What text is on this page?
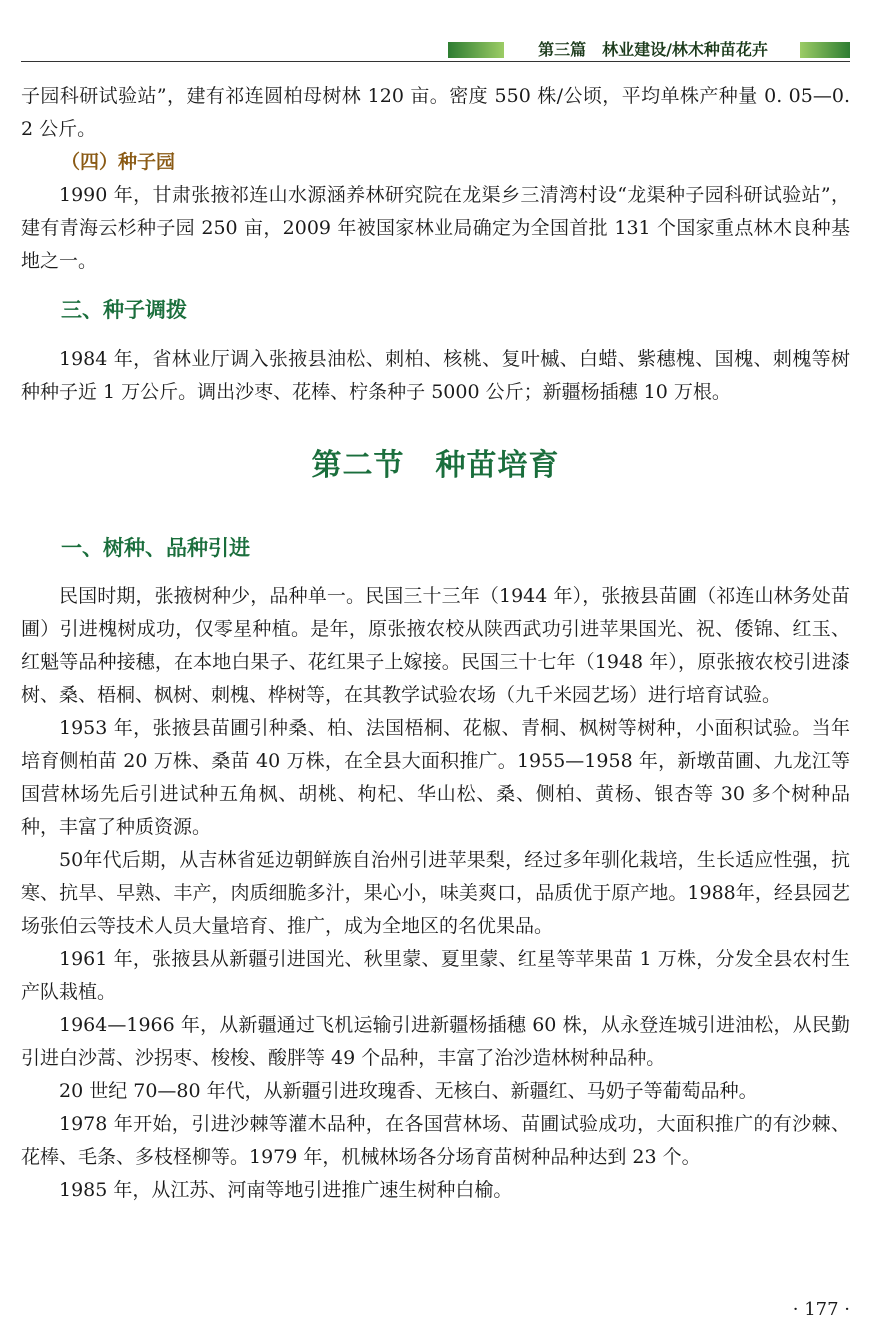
第三篇　林业建设/林木种苗花卉

子园科研试验站”，建有祁连圆柏母树林 120 亩。密度 550 株/公顷，平均单株产种量 0. 05—0. 2 公斤。

（四）种子园

1990 年，甘肃张掖祁连山水源涵养林研究院在龙渠乡三清湾村设“龙渠种子园科研试验站”，建有青海云杉种子园 250 亩，2009 年被国家林业局确定为全国首批 131 个国家重点林木良种基地之一。

三、种子调拨

1984 年，省林业厅调入张掖县油松、刺柏、核桃、复叶槭、白蜡、紫穗槐、国槐、刺槐等树种种子近 1 万公斤。调出沙枣、花棒、柠条种子 5000 公斤；新疆杨插穗 10 万根。

第二节　种苗培育
一、树种、品种引进

民国时期，张掖树种少，品种单一。民国三十三年（1944 年），张掖县苗圃（祁连山林务处苗圃）引进槐树成功，仅零星种植。是年，原张掖农校从陕西武功引进苹果国光、祝、倭锦、红玉、红魁等品种接穗，在本地白果子、花红果子上嫁接。民国三十七年（1948 年），原张掖农校引进漆树、桑、梧桐、枫树、刺槐、桦树等，在其教学试验农场（九千米园艺场）进行培育试验。

1953 年，张掖县苗圃引种桑、柏、法国梧桐、花椒、青桐、枫树等树种，小面积试验。当年培育侧柏苗 20 万株、桑苗 40 万株，在全县大面积推广。1955—1958 年，新墩苗圃、九龙江等国营林场先后引进试种五角枫、胡桃、枸杞、华山松、桑、侧柏、黄杨、银杏等 30 多个树种品种，丰富了种质资源。

50年代后期，从吉林省延边朝鲜族自治州引进苹果梨，经过多年驯化栽培，生长适应性强，抗寒、抗旱、早熟、丰产，肉质细脆多汁，果心小，味美爽口，品质优于原产地。1988年，经县园艺场张伯云等技术人员大量培育、推广，成为全地区的名优果品。

1961 年，张掖县从新疆引进国光、秋里蒙、夏里蒙、红星等苹果苗 1 万株，分发全县农村生产队栽植。

1964—1966 年，从新疆通过飞机运输引进新疆杨插穗 60 株，从永登连城引进油松，从民勤引进白沙蒿、沙拐枣、梭梭、酸胖等 49 个品种，丰富了治沙造林树种品种。

20 世纪 70—80 年代，从新疆引进玫瑰香、无核白、新疆红、马奶子等葡萄品种。

1978 年开始，引进沙棘等灌木品种，在各国营林场、苗圃试验成功，大面积推广的有沙棘、花棒、毛条、多枝柽柳等。1979 年，机械林场各分场育苗树种品种达到 23 个。

1985 年，从江苏、河南等地引进推广速生树种白榆。

· 177 ·
